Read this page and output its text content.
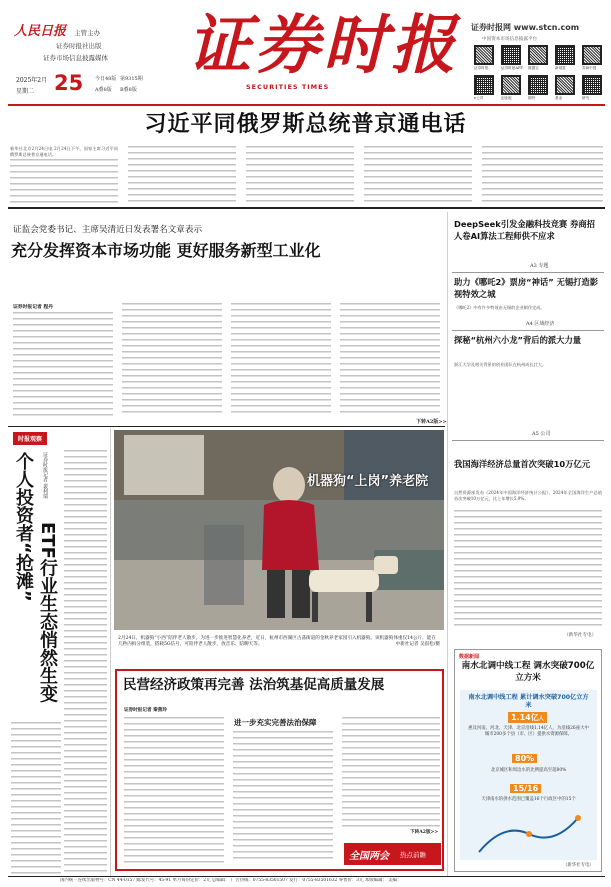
人民日报 主管主办
证券时报社出版
证券市场信息披露媒体
2025年2月
星期二 25 今日48版 第9315期
A叠8版 B叠8版
证券时报
SECURITIES TIMES
证券时报网 www.stcn.com
中国资本市场信息披露平台
证券时报	证券时报APP 数据宝	新财富	券商中国
e公司	创业板	期货	基金	研究
习近平同俄罗斯总统普京通电话
新华社北京2月24日电 2月24日下午，国家主席习近平同俄罗斯总统普京通电话。
证监会党委书记、主席吴清近日发表署名文章表示
充分发挥资本市场功能 更好服务新型工业化
证券时报记者 程丹
下转A2版>>
时报观察
个人投资者“抢滩” ETF行业生态悄然生变
证券时报记者 裴利瑞	机器狗“上岗”养老院
2月24日，机器狗“小西”陪伴老人散步。为进一步推进智慧化养老，近日，杭州市西湖区古荡街道的金秋养老家园引入机器狗。该机器狗体重仅14公斤，能在几秒内拆分组装，搭载5G信号，可陪伴老人散步、放音乐、陪聊天等。	中新社记者 吴叔松/摄
民营经济政策再完善 法治筑基促高质量发展
证券时报记者 秦燕玲
进一步充实完善法治保障
下转A2版>>
全国两会 热点前瞻
DeepSeek引发金融科技竞赛 券商招人卷AI算法工程师供不应求
A3 专题
助力《哪吒2》票房“神话” 无锡打造影视特效之城
《哪吒2》中有许多特效由无锡的企业制作完成。
A4 区域经济
探秘“杭州六小龙”背后的派大力量
浙江大学及相关背景的创业团队在杭州成长壮大。
A5 公司
我国海洋经济总量首次突破10万亿元
自然资源部发布《2024年中国海洋经济统计公报》，2024年全国海洋生产总值首次突破10万亿元，比上年增长5.9%。
（新华社专电）
数据新闻
南水北调中线工程 调水突破700亿立方米
南水北调中线工程 累计调水突破700亿立方米
1.14亿人
惠及河南、河北、天津、北京沿线1.14亿人，为沿线26座大中城市200多个县（市、区）提供水资源保障。
80%
北京城区和周边水的比例提高至超80%
15/16
天津南水的供水范围已覆盖16个行政区中的15个
（新华社专电）
国内统一连续出版物号：CN 44-0157 邮发代号：45-91 单月每份定价：2元 总编辑： 广告热线：0755-83501507 发行：0755-83501632 零售价：3元 本版编辑： 美编：
